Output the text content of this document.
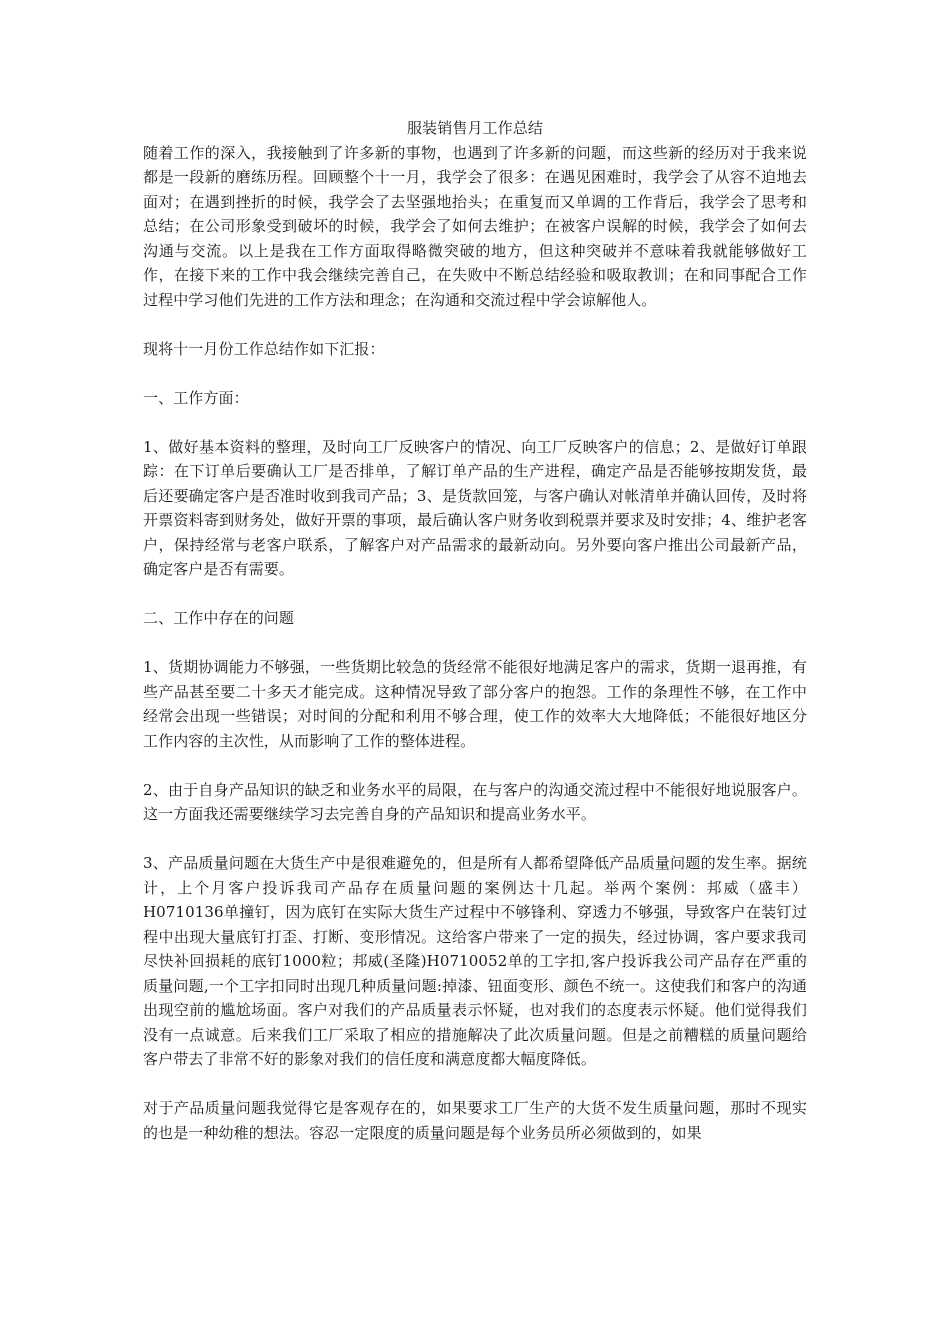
服装销售月工作总结

随着工作的深入，我接触到了许多新的事物，也遇到了许多新的问题，而这些新的经历对于我来说都是一段新的磨练历程。回顾整个十一月，我学会了很多：在遇见困难时，我学会了从容不迫地去面对；在遇到挫折的时候，我学会了去坚强地抬头；在重复而又单调的工作背后，我学会了思考和总结；在公司形象受到破坏的时候，我学会了如何去维护；在被客户误解的时候，我学会了如何去沟通与交流。以上是我在工作方面取得略微突破的地方，但这种突破并不意味着我就能够做好工作，在接下来的工作中我会继续完善自己，在失败中不断总结经验和吸取教训；在和同事配合工作过程中学习他们先进的工作方法和理念；在沟通和交流过程中学会谅解他人。

现将十一月份工作总结作如下汇报：

一、工作方面：

1、做好基本资料的整理，及时向工厂反映客户的情况、向工厂反映客户的信息；2、是做好订单跟踪：在下订单后要确认工厂是否排单，了解订单产品的生产进程，确定产品是否能够按期发货，最后还要确定客户是否准时收到我司产品；3、是货款回笼，与客户确认对帐清单并确认回传，及时将开票资料寄到财务处，做好开票的事项，最后确认客户财务收到税票并要求及时安排；4、维护老客户，保持经常与老客户联系，了解客户对产品需求的最新动向。另外要向客户推出公司最新产品，确定客户是否有需要。

二、工作中存在的问题

1、货期协调能力不够强，一些货期比较急的货经常不能很好地满足客户的需求，货期一退再推，有些产品甚至要二十多天才能完成。这种情况导致了部分客户的抱怨。工作的条理性不够，在工作中经常会出现一些错误；对时间的分配和利用不够合理，使工作的效率大大地降低；不能很好地区分工作内容的主次性，从而影响了工作的整体进程。

2、由于自身产品知识的缺乏和业务水平的局限，在与客户的沟通交流过程中不能很好地说服客户。这一方面我还需要继续学习去完善自身的产品知识和提高业务水平。

3、产品质量问题在大货生产中是很难避免的，但是所有人都希望降低产品质量问题的发生率。据统计，上个月客户投诉我司产品存在质量问题的案例达十几起。举两个案例：邦威（盛丰）H0710136单撞钉，因为底钉在实际大货生产过程中不够锋利、穿透力不够强，导致客户在装钉过程中出现大量底钉打歪、打断、变形情况。这给客户带来了一定的损失，经过协调，客户要求我司尽快补回损耗的底钉1000粒；邦威(圣隆)H0710052单的工字扣,客户投诉我公司产品存在严重的质量问题,一个工字扣同时出现几种质量问题:掉漆、钮面变形、颜色不统一。这使我们和客户的沟通出现空前的尴尬场面。客户对我们的产品质量表示怀疑，也对我们的态度表示怀疑。他们觉得我们没有一点诚意。后来我们工厂采取了相应的措施解决了此次质量问题。但是之前糟糕的质量问题给客户带去了非常不好的影象对我们的信任度和满意度都大幅度降低。

对于产品质量问题我觉得它是客观存在的，如果要求工厂生产的大货不发生质量问题，那时不现实的也是一种幼稚的想法。容忍一定限度的质量问题是每个业务员所必须做到的，如果
